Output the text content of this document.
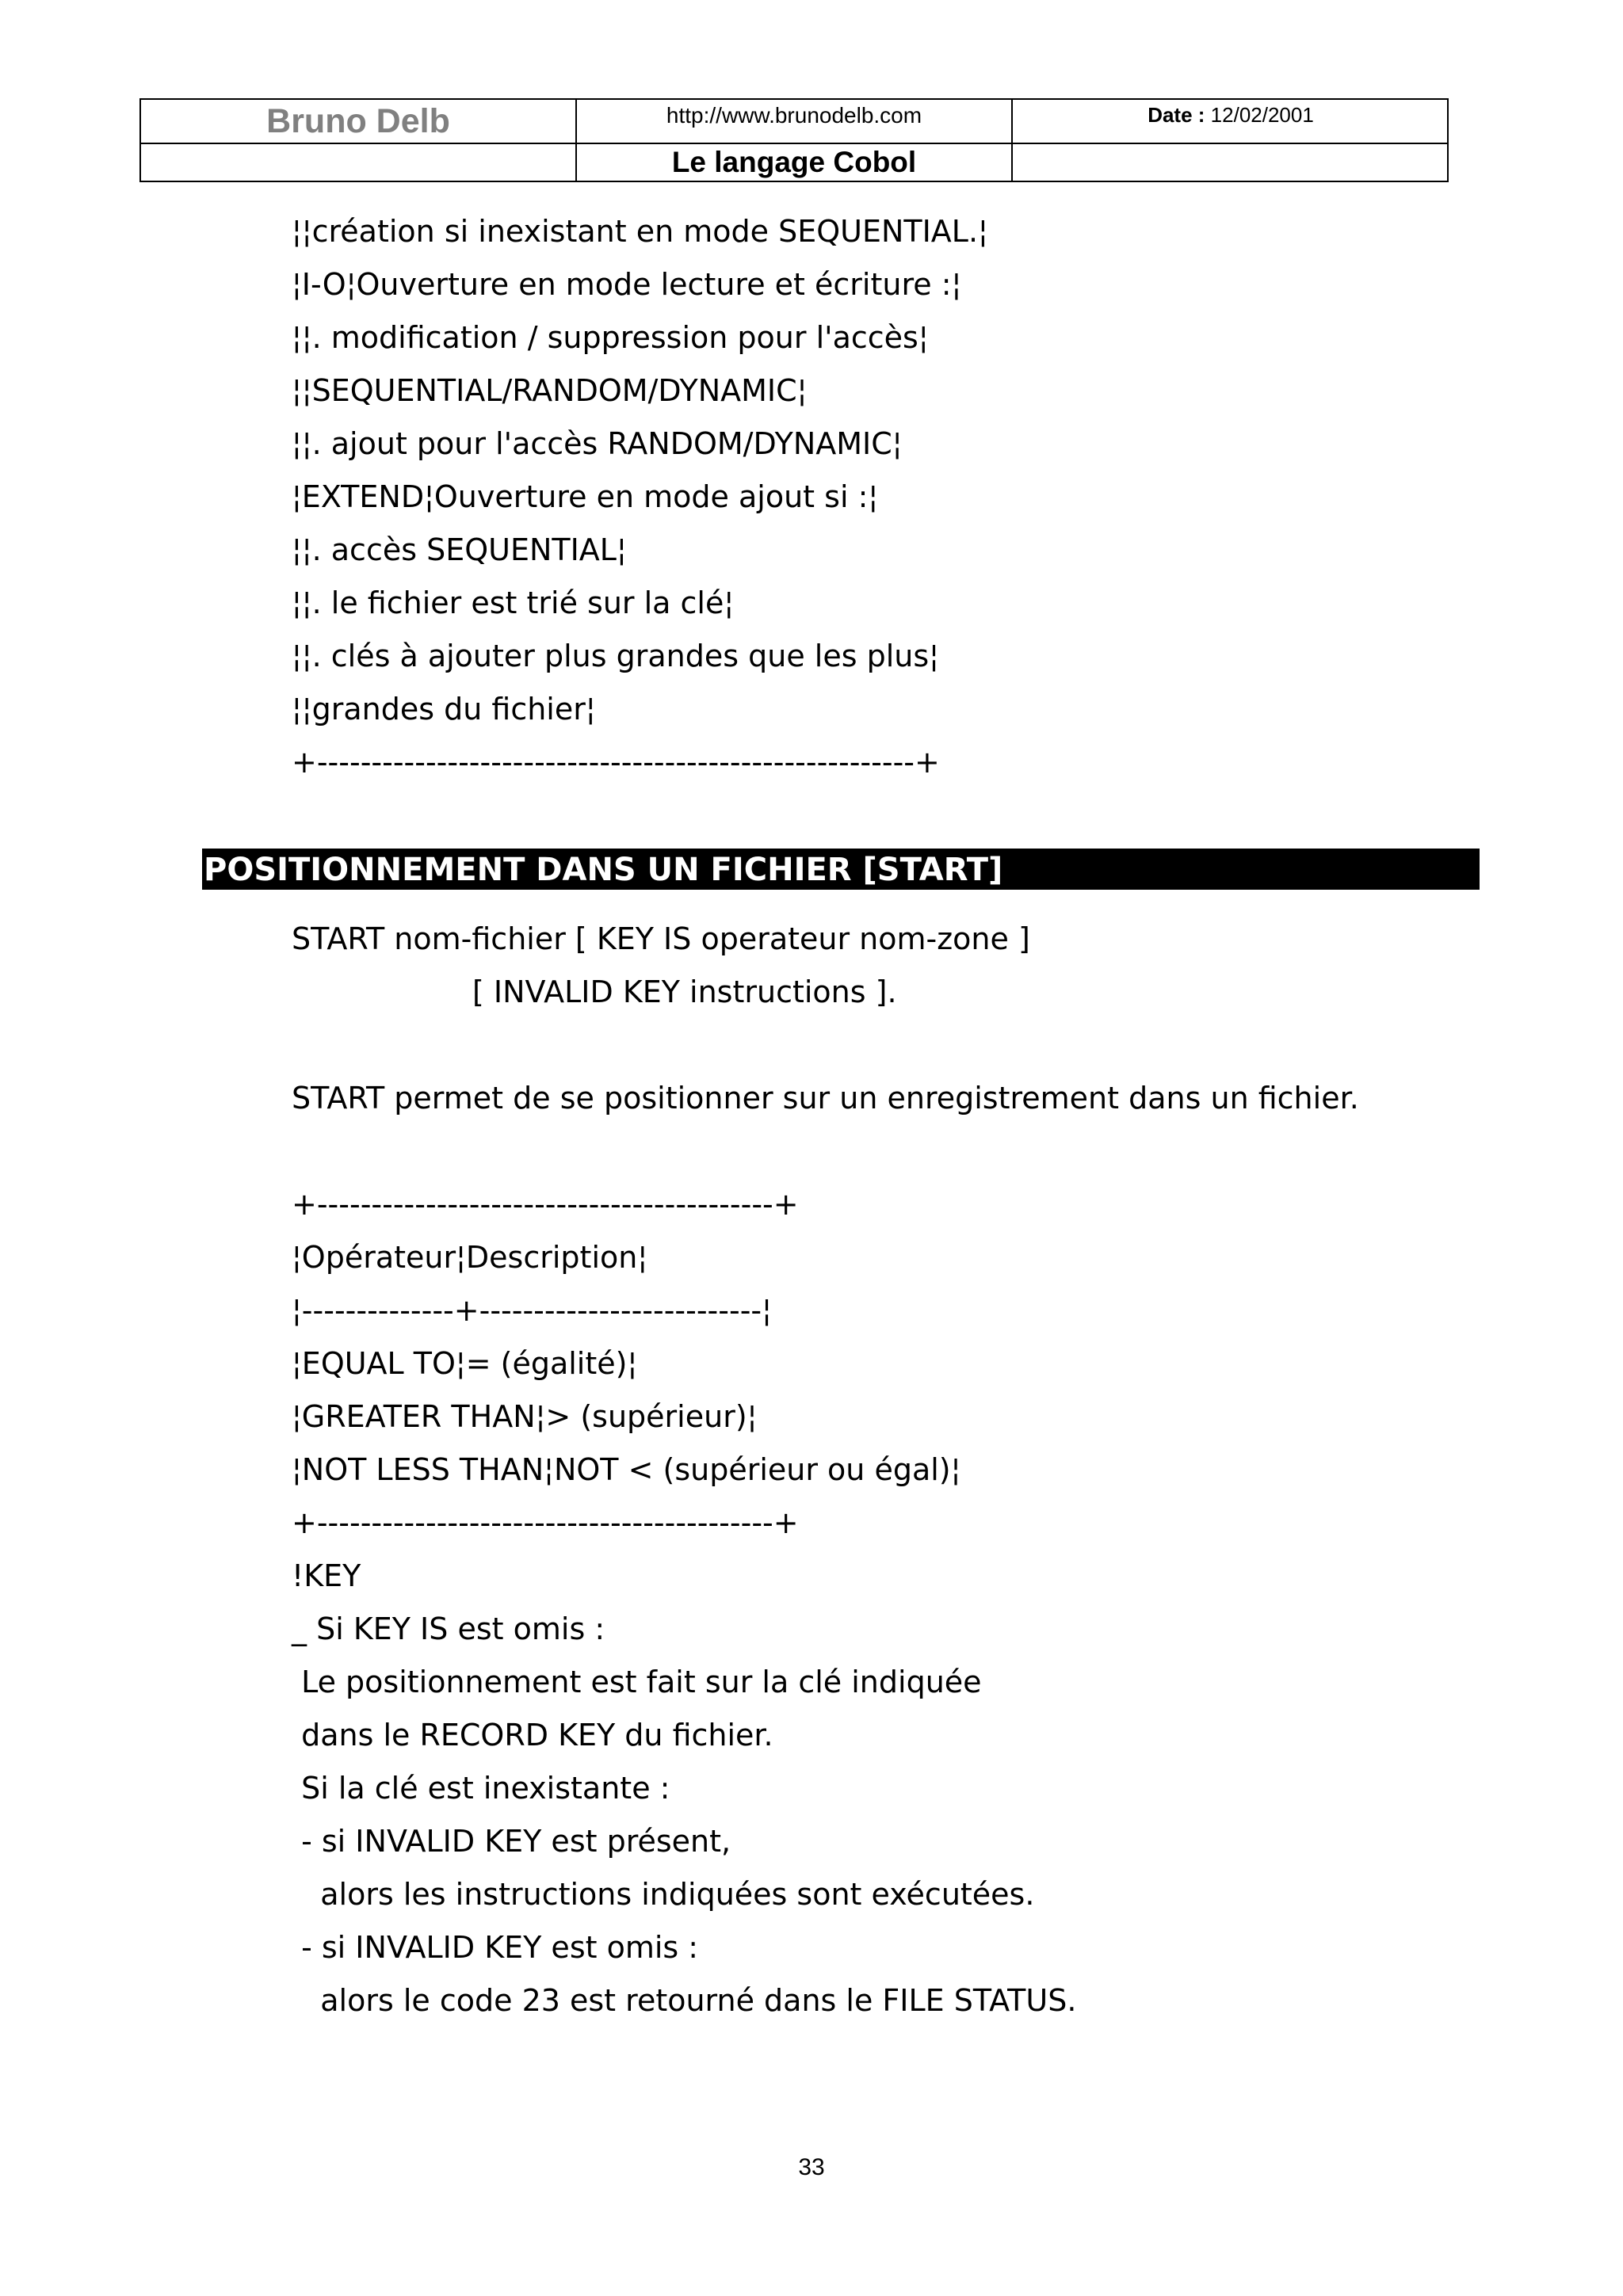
Bruno Delb	http://www.brunodelb.com	Date : 12/02/2001
Le langage Cobol
¦¦création si inexistant en mode SEQUENTIAL.¦
¦I-O¦Ouverture en mode lecture et écriture :¦
¦¦. modification / suppression pour l'accès¦
¦¦SEQUENTIAL/RANDOM/DYNAMIC¦
¦¦. ajout pour l'accès RANDOM/DYNAMIC¦
¦EXTEND¦Ouverture en mode ajout si :¦
¦¦. accès SEQUENTIAL¦
¦¦. le fichier est trié sur la clé¦
¦¦. clés à ajouter plus grandes que les plus¦
¦¦grandes du fichier¦
+-------------------------------------------------------+
POSITIONNEMENT DANS UN FICHIER [START]
START nom-fichier [ KEY IS operateur nom-zone ]
[ INVALID KEY instructions ].
START permet de se positionner sur un enregistrement dans un fichier.
+------------------------------------------+
¦Opérateur¦Description¦
¦--------------+--------------------------¦
¦EQUAL TO¦= (égalité)¦
¦GREATER THAN¦> (supérieur)¦
¦NOT LESS THAN¦NOT < (supérieur ou égal)¦
+------------------------------------------+
!KEY
_ Si KEY IS est omis :
Le positionnement est fait sur la clé indiquée
dans le RECORD KEY du fichier.
Si la clé est inexistante :
- si INVALID KEY est présent,
alors les instructions indiquées sont exécutées.
- si INVALID KEY est omis :
alors le code 23 est retourné dans le FILE STATUS.
33
